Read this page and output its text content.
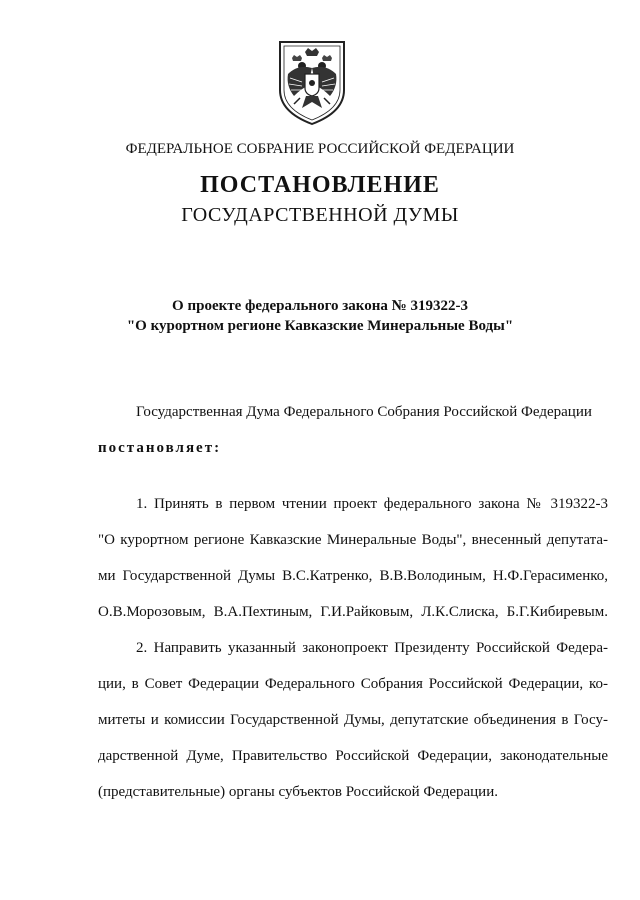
ФЕДЕРАЛЬНОЕ СОБРАНИЕ РОССИЙСКОЙ ФЕДЕРАЦИИ
ПОСТАНОВЛЕНИЕ
ГОСУДАРСТВЕННОЙ ДУМЫ
О проекте федерального закона № 319322-3
"О курортном регионе Кавказские Минеральные Воды"
Государственная Дума Федерального Собрания Российской Федерации
постановляет:
1. Принять в первом чтении проект федерального закона № 319322-3
"О курортном регионе Кавказские Минеральные Воды", внесенный депутата-
ми Государственной Думы В.С.Катренко, В.В.Володиным, Н.Ф.Герасименко,
О.В.Морозовым, В.А.Пехтиным, Г.И.Райковым, Л.К.Слиска, Б.Г.Кибиревым.
2. Направить указанный законопроект Президенту Российской Федера-
ции, в Совет Федерации Федерального Собрания Российской Федерации, ко-
митеты и комиссии Государственной Думы, депутатские объединения в Госу-
дарственной Думе, Правительство Российской Федерации, законодательные
(представительные) органы субъектов Российской Федерации.
